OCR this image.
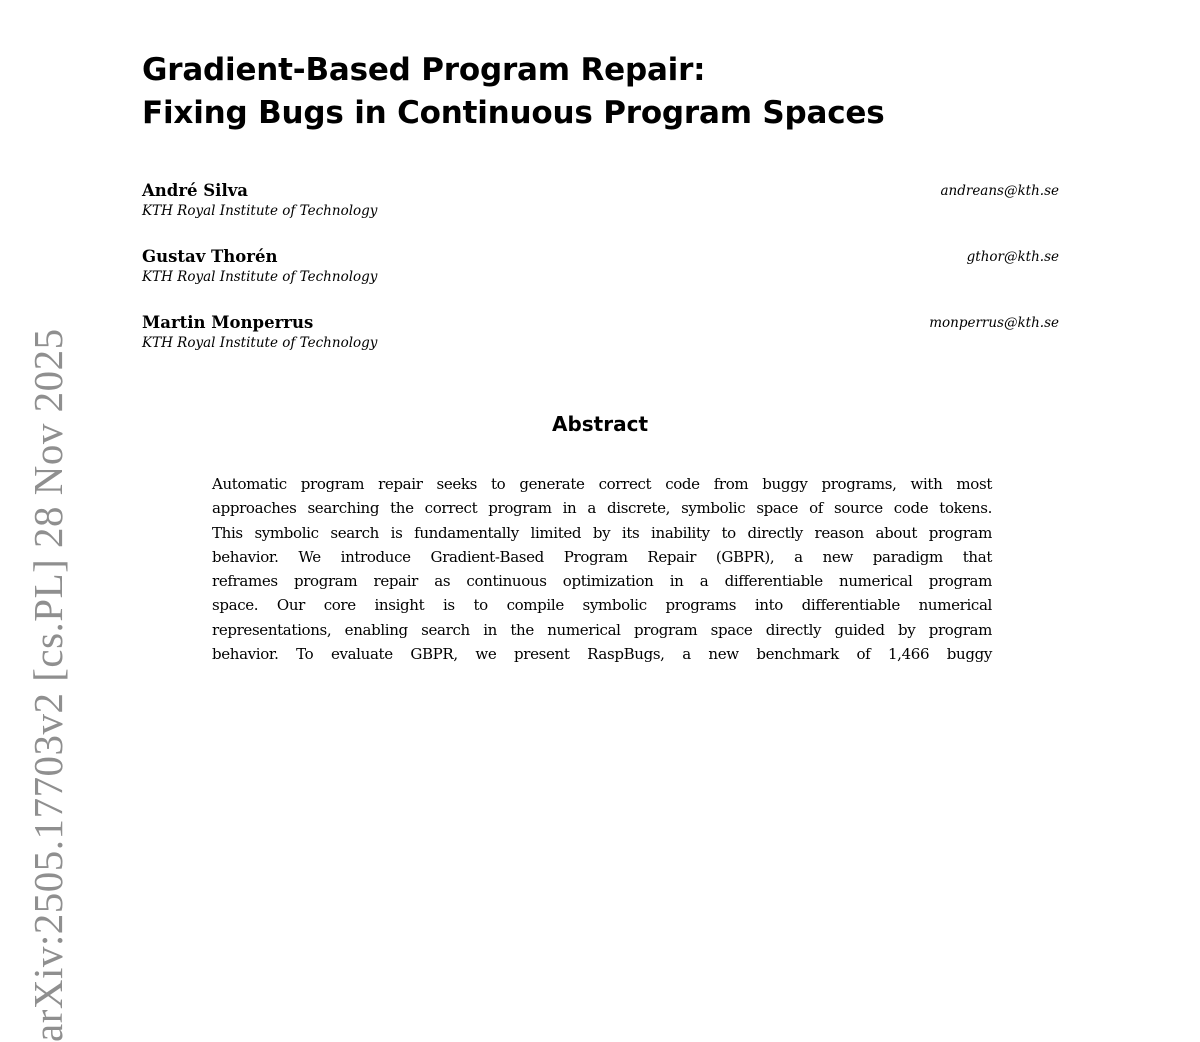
Gradient-Based Program Repair:
Fixing Bugs in Continuous Program Spaces
André Silva
KTH Royal Institute of Technology
andreans@kth.se
Gustav Thorén
KTH Royal Institute of Technology
gthor@kth.se
Martin Monperrus
KTH Royal Institute of Technology
monperrus@kth.se
Abstract

Automatic program repair seeks to generate correct code from buggy programs, with most
approaches searching the correct program in a discrete, symbolic space of source code tokens.
This symbolic search is fundamentally limited by its inability to directly reason about program
behavior. We introduce Gradient-Based Program Repair (GBPR), a new paradigm that
reframes program repair as continuous optimization in a differentiable numerical program
space. Our core insight is to compile symbolic programs into differentiable numerical
representations, enabling search in the numerical program space directly guided by program
behavior. To evaluate GBPR, we present RaspBugs, a new benchmark of 1,466 buggy

arXiv:2505.17703v2 [cs.PL] 28 Nov 2025
